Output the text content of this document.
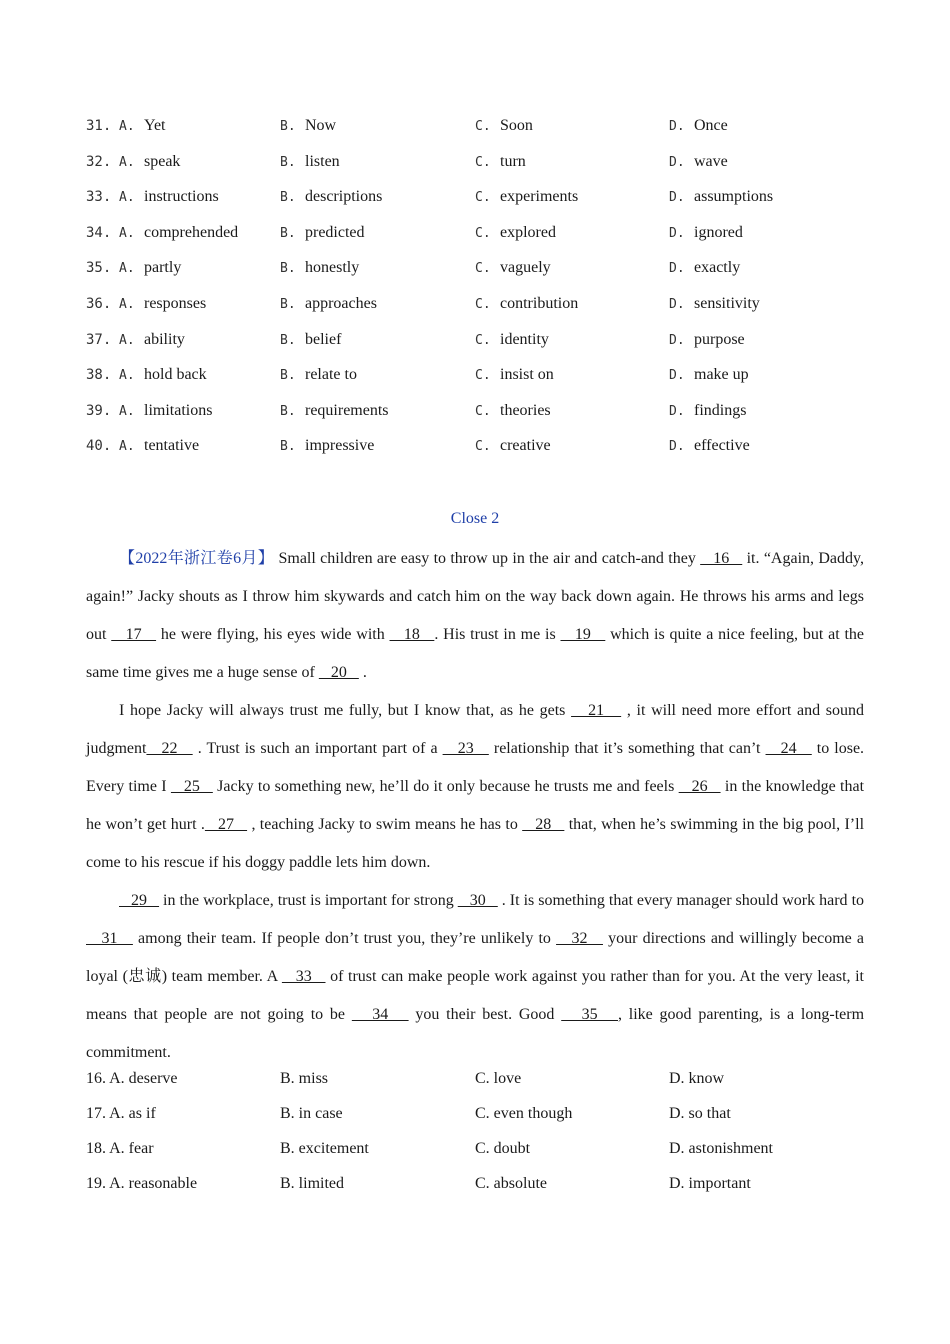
31. A. Yet	B. Now	C. Soon	D. Once
32. A. speak	B. listen	C. turn	D. wave
33. A. instructions	B. descriptions	C. experiments	D. assumptions
34. A. comprehended	B. predicted	C. explored	D. ignored
35. A. partly	B. honestly	C. vaguely	D. exactly
36. A. responses	B. approaches	C. contribution	D. sensitivity
37. A. ability	B. belief	C. identity	D. purpose
38. A. hold back	B. relate to	C. insist on	D. make up
39. A. limitations	B. requirements	C. theories	D. findings
40. A. tentative	B. impressive	C. creative	D. effective
Close 2

【2022年浙江卷6月】 Small children are easy to throw up in the air and catch-and they    16    it. “Again, Daddy, again!” Jacky shouts as I throw him skywards and catch him on the way back down again. He throws his arms and legs out    17    he were flying, his eyes wide with    18   . His trust in me is    19    which is quite a nice feeling, but at the same time gives me a huge sense of    20    .

I hope Jacky will always trust me fully, but I know that, as he gets    21    , it will need more effort and sound judgment   22    . Trust is such an important part of a    23    relationship that it’s something that can’t    24    to lose. Every time I    25    Jacky to something new, he’ll do it only because he trusts me and feels    26    in the knowledge that he won’t get hurt .   27    , teaching Jacky to swim means he has to    28    that, when he’s swimming in the big pool, I’ll come to his rescue if his doggy paddle lets him down.

29    in the workplace, trust is important for strong    30    . It is something that every manager should work hard to    31    among their team. If people don’t trust you, they’re unlikely to    32    your directions and willingly become a loyal (忠诚) team member. A    33    of trust can make people work against you rather than for you. At the very least, it means that people are not going to be    34    you their best. Good    35   , like good parenting, is a long-term commitment.

16. A. deserve	B. miss	C. love	D. know
17. A. as if	B. in case	C. even though	D. so that
18. A. fear	B. excitement	C. doubt	D. astonishment
19. A. reasonable	B. limited	C. absolute	D. important
